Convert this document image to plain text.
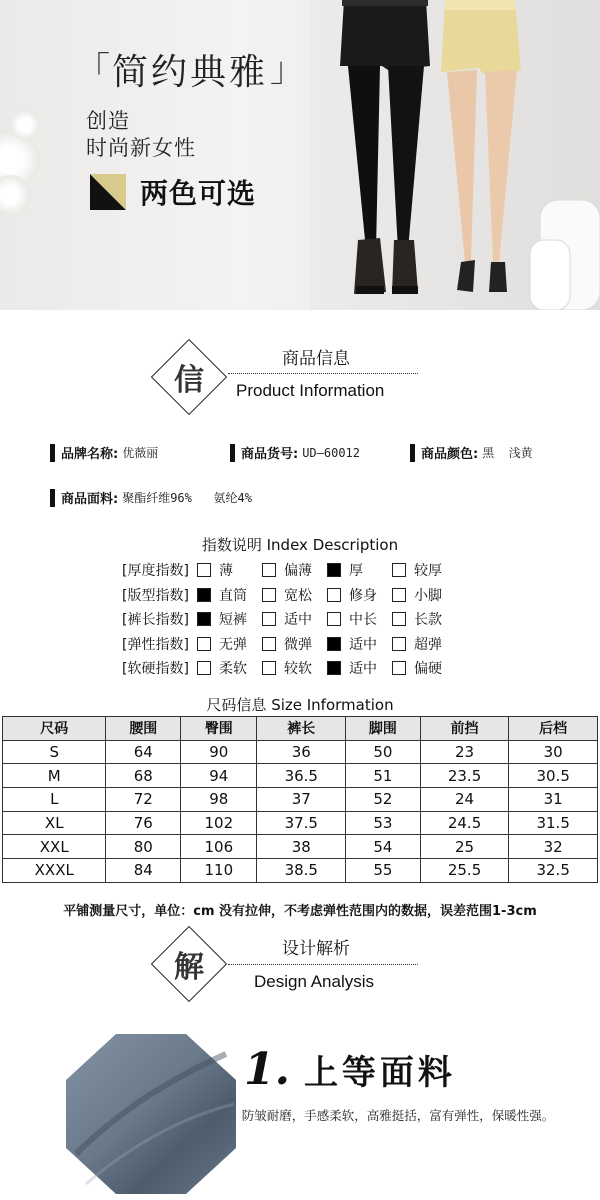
「 简约典雅 」
创造
时尚新女性
两色可选
信
商品信息
Product Information
品牌名称: 优薇丽	商品货号: UD—60012	商品颜色: 黑  浅黄
商品面料: 聚酯纤维96%   氨纶4%
指数说明 Index Description
[厚度指数]	薄	偏薄	厚	较厚
[版型指数]	直筒	宽松	修身	小脚
[裤长指数]	短裤	适中	中长	长款
[弹性指数]	无弹	微弹	适中	超弹
[软硬指数]	柔软	较软	适中	偏硬
尺码信息 Size Information
尺码	腰围	臀围	裤长	脚围	前挡	后档
S	64	90	36	50	23	30
M	68	94	36.5	51	23.5	30.5
L	72	98	37	52	24	31
XL	76	102	37.5	53	24.5	31.5
XXL	80	106	38	54	25	32
XXXL	84	110	38.5	55	25.5	32.5
平铺测量尺寸，单位：cm 没有拉伸，不考虑弹性范围内的数据，误差范围1-3cm
解
设计解析
Design Analysis
1. 上等面料
防皱耐磨，手感柔软，高雅挺括，富有弹性，保暖性强。
